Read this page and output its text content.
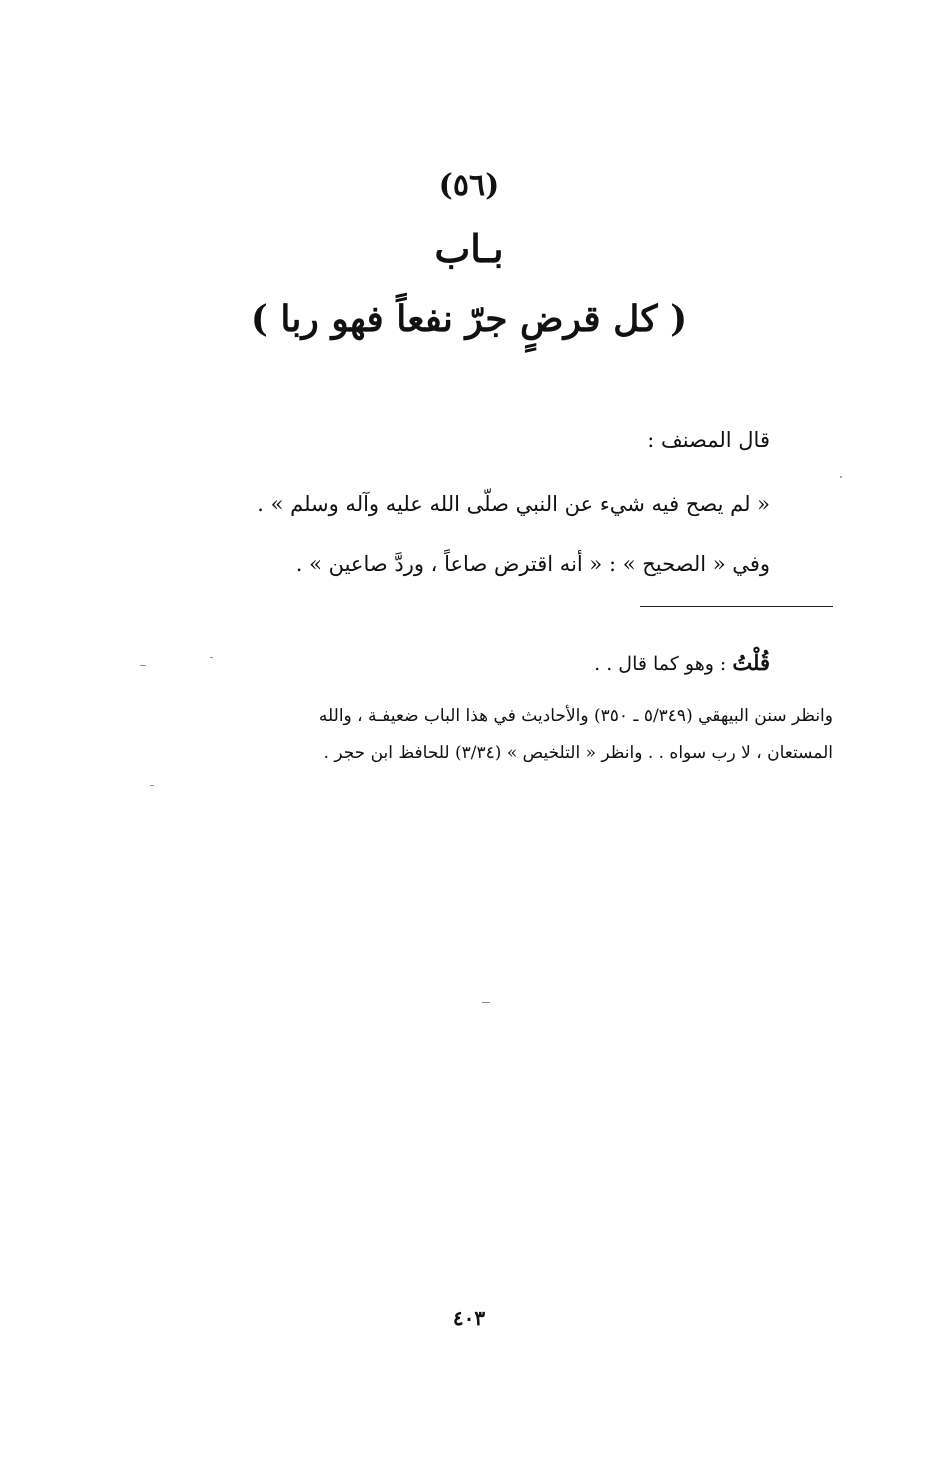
(٥٦)
بـاب
( كل قرضٍ جرّ نفعاً فهو ربا )
قال المصنف :
« لم يصح فيه شيء عن النبي صلّى الله عليه وآله وسلم » .
وفي « الصحيح » : « أنه اقترض صاعاً ، وردَّ صاعين » .
قُلْتُ : وهو كما قال . .
وانظر سنن البيهقي (٥/٣٤٩ ـ ٣٥٠) والأحاديث في هذا الباب ضعيفـة ، والله
المستعان ، لا رب سواه . . وانظر « التلخيص » (٣/٣٤) للحافظ ابن حجر .
٤٠٣
